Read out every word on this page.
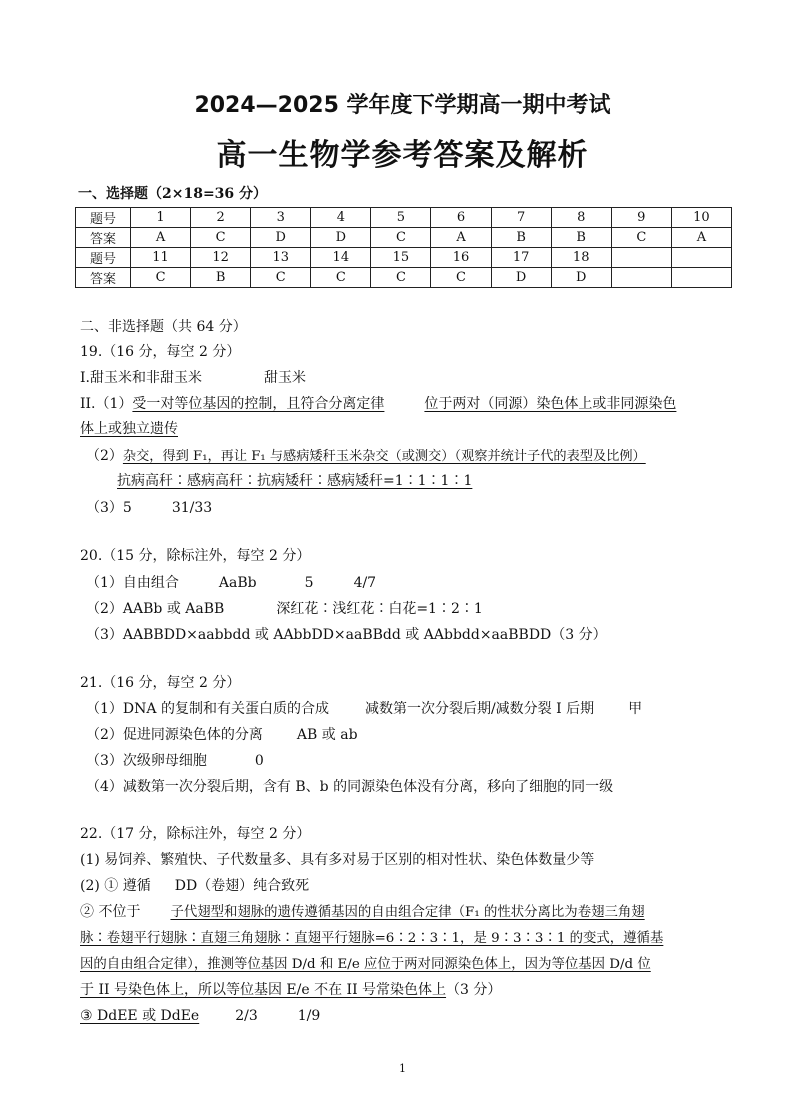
2024—2025 学年度下学期高一期中考试
高一生物学参考答案及解析
一、选择题（2×18=36 分）
题号	1	2	3	4	5	6	7	8	9	10
答案	A	C	D	D	C	A	B	B	C	A
题号	11	12	13	14	15	16	17	18		
答案	C	B	C	C	C	C	D	D		
二、非选择题（共 64 分）
19.（16 分，每空 2 分）
I.甜玉米和非甜玉米	甜玉米
II.（1）受一对等位基因的控制，且符合分离定律	位于两对（同源）染色体上或非同源染色
体上或独立遗传
（2）杂交，得到 F₁，再让 F₁ 与感病矮秆玉米杂交（或测交）（观察并统计子代的表型及比例）
抗病高秆∶感病高秆∶抗病矮秆∶感病矮秆=1∶1∶1∶1
（3）5	31/33
20.（15 分，除标注外，每空 2 分）
（1）自由组合	AaBb	5	4/7
（2）AABb 或 AaBB	深红花∶浅红花∶白花=1∶2∶1
（3）AABBDD×aabbdd 或 AAbbDD×aaBBdd 或 AAbbdd×aaBBDD（3 分）
21.（16 分，每空 2 分）
（1）DNA 的复制和有关蛋白质的合成	减数第一次分裂后期/减数分裂 I 后期 甲
（2）促进同源染色体的分离 AB 或 ab
（3）次级卵母细胞	0
（4）减数第一次分裂后期，含有 B、b 的同源染色体没有分离，移向了细胞的同一级
22.（17 分，除标注外，每空 2 分）
(1) 易饲养、繁殖快、子代数量多、具有多对易于区别的相对性状、染色体数量少等
(2) ① 遵循 DD（卷翅）纯合致死
② 不位于 子代翅型和翅脉的遗传遵循基因的自由组合定律（F₁ 的性状分离比为卷翅三角翅
脉∶卷翅平行翅脉∶直翅三角翅脉∶直翅平行翅脉=6∶2∶3∶1，是 9∶3∶3∶1 的变式，遵循基
因的自由组合定律），推测等位基因 D/d 和 E/e 应位于两对同源染色体上，因为等位基因 D/d 位
于 II 号染色体上，所以等位基因 E/e 不在 II 号常染色体上（3 分）
③ DdEE 或 DdEe	2/3	1/9
1
